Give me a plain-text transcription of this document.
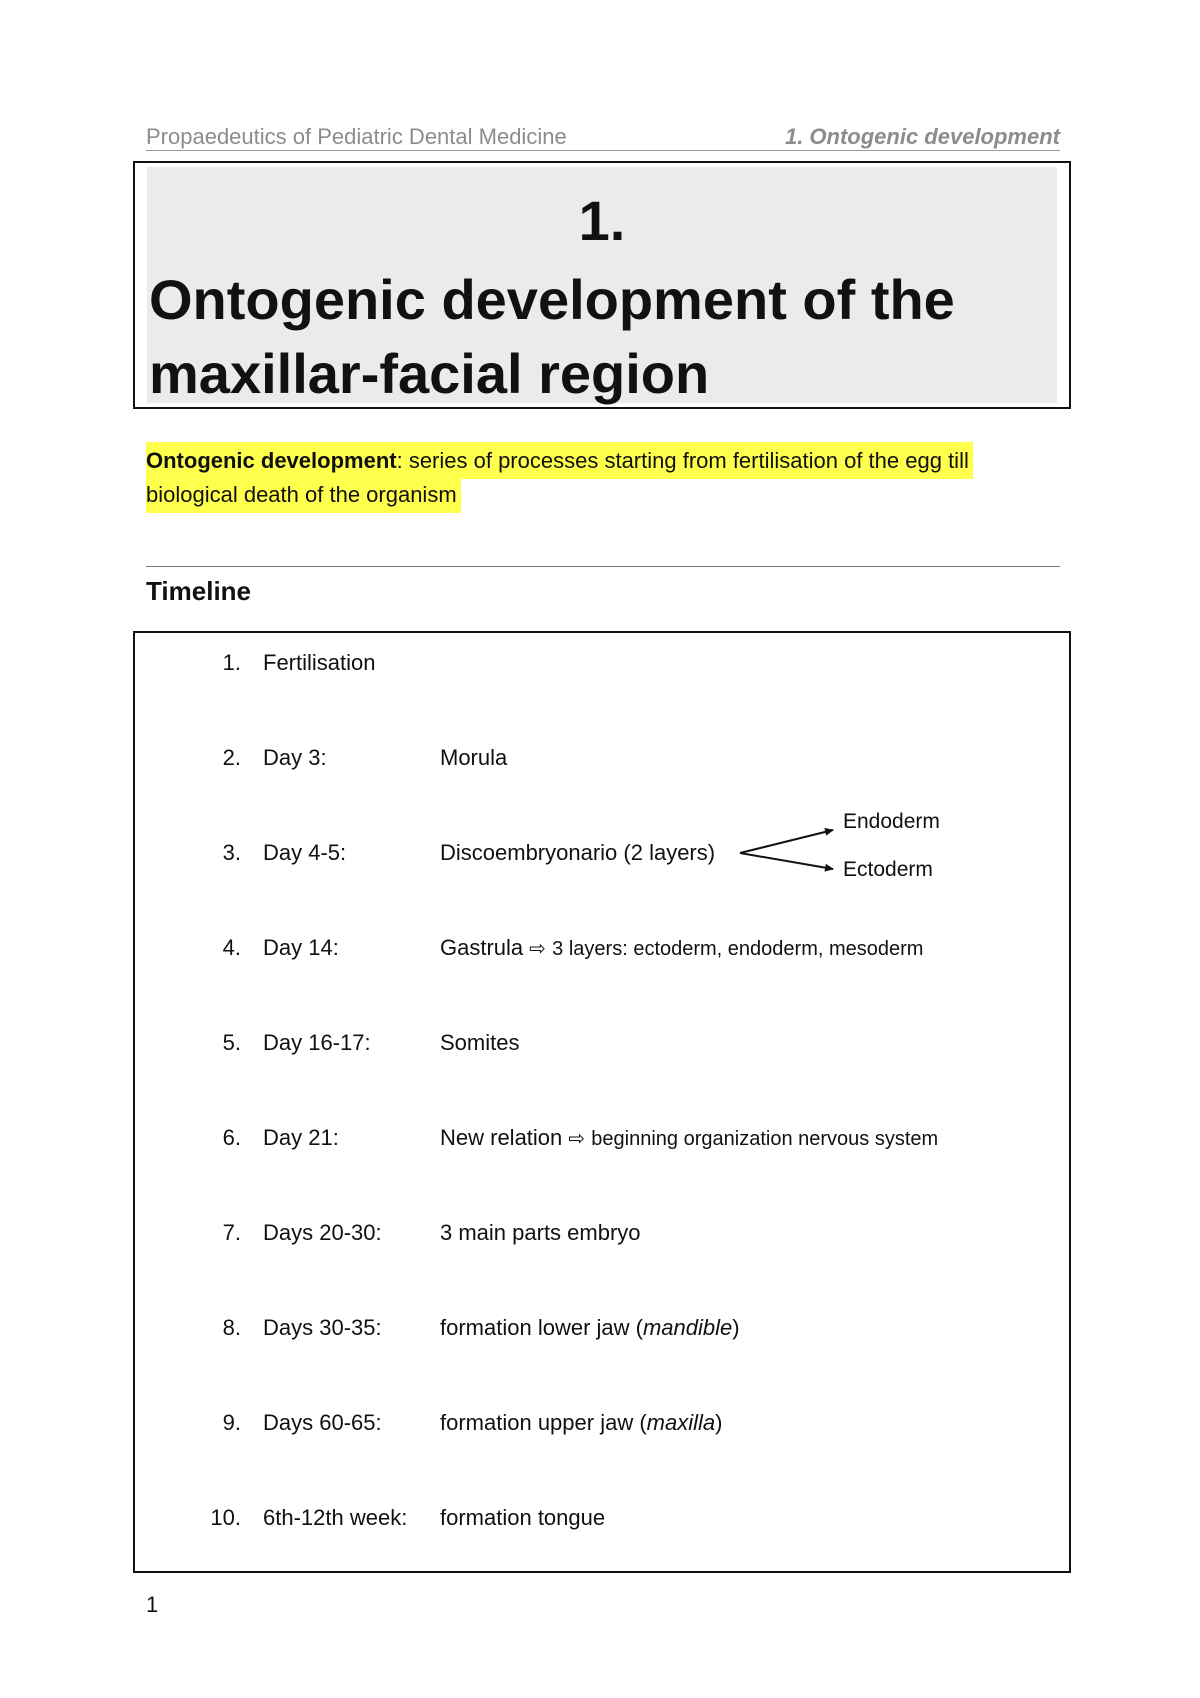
Propaedeutics of Pediatric Dental Medicine	1. Ontogenic development
1.
Ontogenic development of the maxillar-facial region
Ontogenic development: series of processes starting from fertilisation of the egg till biological death of the organism
Timeline
1. Fertilisation
2. Day 3:	Morula
3. Day 4-5:	Discoembryonario (2 layers)
4. Day 14:	Gastrula ⇨ 3 layers: ectoderm, endoderm, mesoderm
5. Day 16-17:	Somites
6. Day 21:	New relation ⇨ beginning organization nervous system
7. Days 20-30:	3 main parts embryo
8. Days 30-35:	formation lower jaw (mandible)
9. Days 60-65:	formation upper jaw (maxilla)
10. 6th-12th week: formation tongue
Endoderm
Ectoderm
1
